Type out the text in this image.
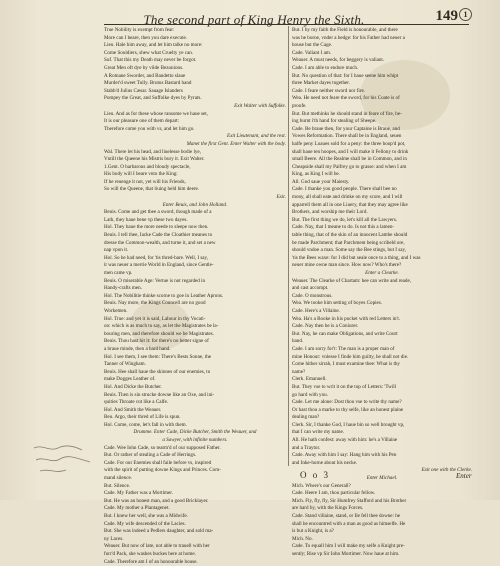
The second part of King Henry the Sixth.	149 1
True Nobility is exempt from fear:
More can I beare, then you dare execute.
Lieu. Hale him away, and let him talke no more:
Come Souldiers, shew what Cruelty ye can.
Suf. That this my Death may never be forgot.
Great Men oft dye by vilde Bezonions.
A Romane Sworder, and Bandetto slaue
Murder'd sweet Tully. Brutus Bastard hand
Stabb'd Julius Cæsar. Sauage Islanders
Pompey the Great, and Suffolke dyes by Pyrats.
Exit Walter with Suffolke.
Lieu. And as for these whose ransome we haue set,
It is our pleasure one of them depart:
Therefore come you with vs, and let him go.
Exit Lieutenant, and the rest.
Manet the first Gent. Enter Walter with the body.
Wal. There let his head, and liuelesse bodie lye,
Vntill the Queene his Mistris bury it. Exit Walter.
1.Gent. O barbarous and bloudy spectacle,
His body will I beare vnto the King:
If he reuenge it not, yet will his Friends,
So will the Queene, that liuing held him deere.
Exit.
Enter Beuis, and John Holland.
Beuis. Come and get thee a sword, though made of a
Lath, they haue bene vp these two dayes.
Hol. They haue the more neede to sleepe now then.
Beuis. I tell thee, Iacke Cade the Cloathier meanes to
dresse the Common-wealth, and turne it, and set a new
nap vpon it.
Hol. So he had need, for 'tis thred-bare. Well, I say,
it was neuer a merrie World in England, since Gentle-
men came vp.
Beuis. O miserable Age: Vertue is not regarded in
Handy-crafts men.
Hol. The Nobilitie thinke scorne to goe in Leather Aprons.
Beuis. Nay more, the Kings Councell are no good
Workemen.
Hol. True: and yet it is said, Labour in thy Vocati-
on: which is as much to say, as let the Magistrates be la-
bouring men, and therefore should we be Magistrates.
Beuis. Thou hast hit it: for there's no better signe of
a braue minde, then a hard hand.
Hol. I see them, I see them: There's Bests Sonne, the
Tanner of Wingham.
Beuis. Hee shall haue the skinnes of our enemies, to
make Dogges Leather of.
Hol. And Dicke the Butcher.
Beuis. Then is sin strucke downe like an Oxe, and ini-
quities Throate cut like a Calfe.
Hol. And Smith the Weauer.
Beu. Argo, their thred of Life is spun.
Hol. Come, come, let's fall in with them.
Drumme. Enter Cade, Dicke Butcher, Smith the Weauer, and
a Sawyer, with infinite numbers.
Cade. Wee Iohn Cade, so tearm'd of our supposed Father.
But. Or rather of stealing a Cade of Herrings.
Cade. For our Enemies shall faile before vs, inspired
with the spirit of putting downe Kings and Princes. Com-
mand silence.
But. Silence.
Cade. My Father was a Mortimer.
But. He was an honest man, and a good Bricklayer.
Cade. My mother a Plantagenet.
But. I knew her well, she was a Midwife.
Cade. My wife descended of the Lacies.
But. She was indeed a Pedlers daughter, and sold ma-
ny Laces.
Weauer. But now of late, not able to trauell with her
furr'd Pack, she washes buckes here at home.
Cade. Therefore am I of an honourable house.
But. I by my faith the Field is honourable, and there
was he borne, vnder a hedge: for his Father had neuer a
house but the Cage.
Cade. Valiant I am.
Weauer. A must needs, for beggery is valiant.
Cade. I am able to endure much.
But. No question of that: for I haue seene him whipt
three Market dayes together.
Cade. I feare neither sword nor fire.
Wea. He need not feare the sword, for his Coate is of
proofe.
But. But methinks he should stand in feare of fire, be-
ing burnt i'th hand for stealing of Sheepe.
Cade. Be braue then, for your Captaine is Braue, and
Vowes Reformation. There shall be in England, seuen
halfe peny Loaues sold for a peny: the three hoop'd pot,
shall haue ten hoopes, and I will make it Fellony to drink
small Beere. All the Realme shall be in Common, and in
Cheapside shall my Palfrey go to grasse: and when I am
King, as King I will be.
All. God saue your Maiesty.
Cade. I thanke you good people. There shall bee no
mony, all shall eate and drinke on my score, and I will
apparrell them all in one Liuery, that they may agree like
Brothers, and worship me their Lord.
But. The first thing we do, let's kill all the Lawyers.
Cade. Nay, that I meane to do. Is not this a lamen-
table thing, that of the skin of an innocent Lambe should
be made Parchment; that Parchment being scribeld ore,
should vndoe a man. Some say the Bee stings, but I say,
'tis the Bees waxe: for I did but seale once to a thing, and I was
neuer mine owne man since. How now? Who's there?
Enter a Clearke.
Weauer. The Clearke of Chartam: hee can write and reade,
and cast accompt.
Cade. O monstrous.
Wea. We tooke him setting of boyes Copies.
Cade. Here's a Villaine.
Wea. Ha's a Booke in his pocket with red Letters in't.
Cade. Nay then he is a Coniurer.
But. Nay, he can make Obligations, and write Court
hand.
Cade. I am sorry for't: The man is a proper man of
mine Honour: vnlesse I finde him guilty, he shall not die.
Come hither sirrah, I must examine thee: What is thy
name?
Clerk. Emanuell.
But. They vse to writ it on the top of Letters: 'Twill
go hard with you.
Cade. Let me alone: Dost thou vse to write thy name?
Or hast thou a marke to thy selfe, like an honest plaine
dealing man?
Clerk. Sir, I thanke God, I haue bin so well brought vp,
that I can write my name.
All. He hath confest: away with him: he's a Villaine
and a Traytor.
Cade. Away with him I say: Hang him with his Pen
and Inke-horne about his necke.
Exit one with the Clerke.
Enter Michael.
Mich. Where's our Generall?
Cade. Heere I am, thou particular fellow.
Mich. Fly, fly, fly, Sir Humfrey Stafford and his Brother
are hard by, with the Kings Forces.
Cade. Stand villaine, stand, or Ile fell thee downe: he
shall be encountred with a man as good as himselfe. He
is but a Knight, is a?
Mich. No.
Cade. To equall him I will make my selfe a Knight pre-
sently; Rise vp Sir Iohn Mortimer. Now haue at him.
O o 3	Enter
